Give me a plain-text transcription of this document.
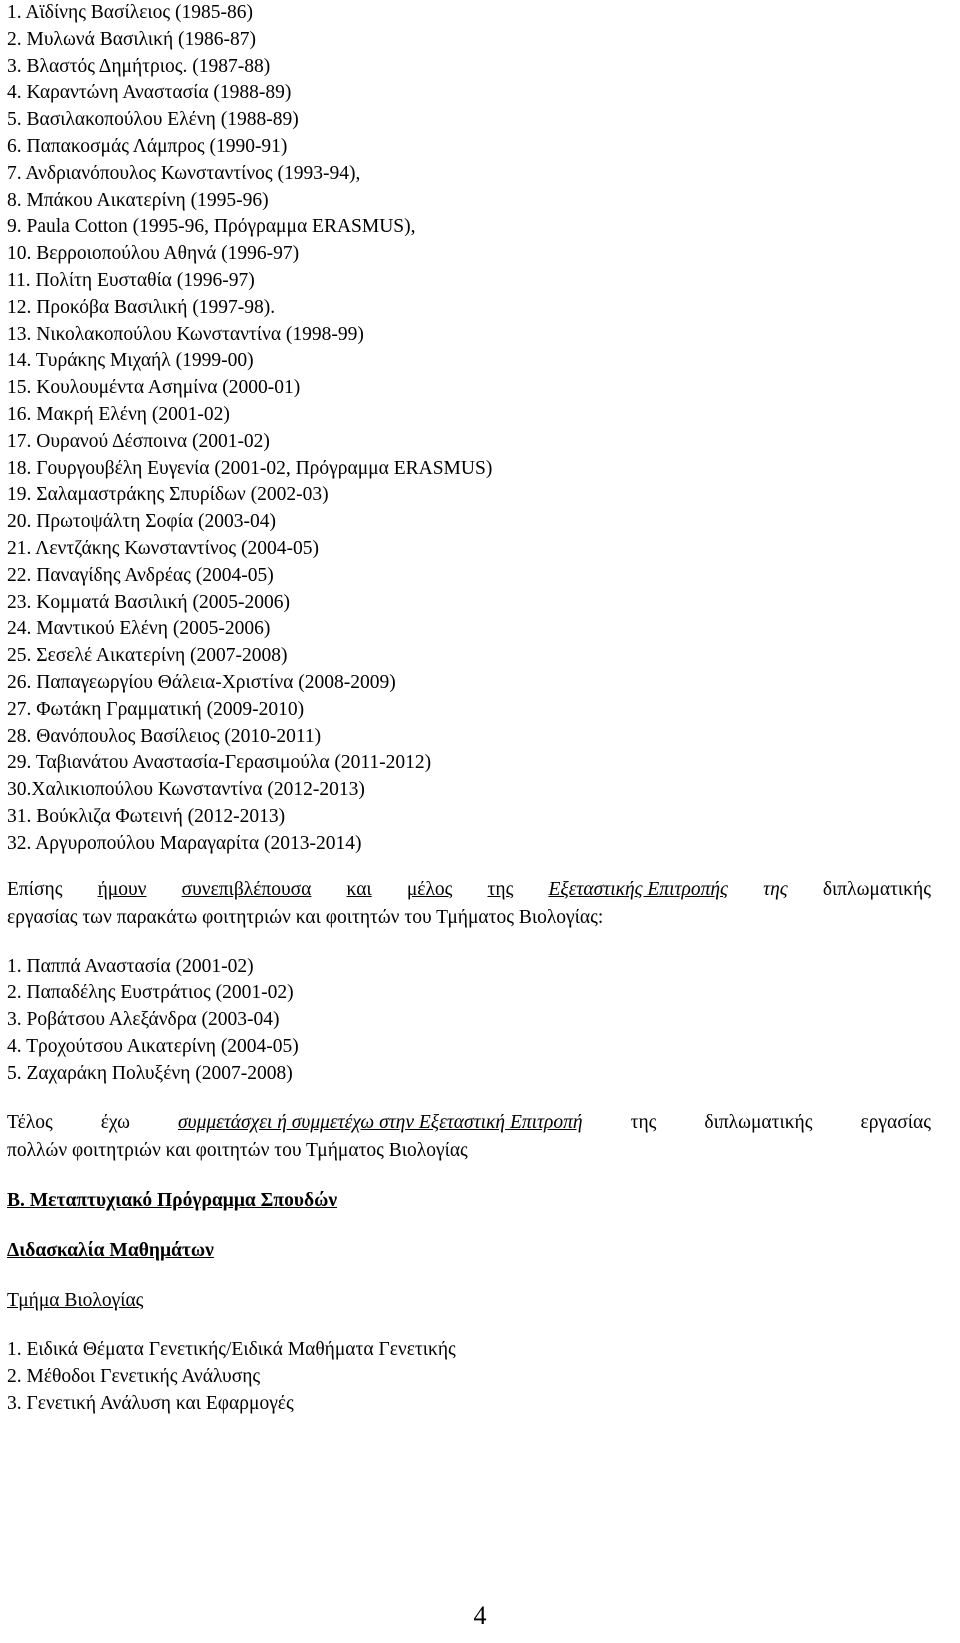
1. Αϊδίνης Βασίλειος (1985-86)
2. Μυλωνά Βασιλική (1986-87)
3. Βλαστός Δημήτριος. (1987-88)
4. Καραντώνη Αναστασία (1988-89)
5. Βασιλακοπούλου Ελένη (1988-89)
6. Παπακοσμάς Λάμπρος (1990-91)
7. Ανδριανόπουλος Κωνσταντίνος (1993-94),
8. Μπάκου Αικατερίνη (1995-96)
9. Paula Cotton (1995-96, Πρόγραμμα ERASMUS),
10. Βερροιοπούλου Αθηνά (1996-97)
11. Πολίτη Ευσταθία (1996-97)
12. Προκόβα Βασιλική (1997-98).
13. Νικολακοπούλου Κωνσταντίνα (1998-99)
14. Τυράκης Μιχαήλ (1999-00)
15. Κουλουμέντα Ασημίνα (2000-01)
16. Μακρή Ελένη (2001-02)
17. Ουρανού Δέσποινα (2001-02)
18. Γουργουβέλη Ευγενία (2001-02, Πρόγραμμα ERASMUS)
19. Σαλαμαστράκης Σπυρίδων (2002-03)
20. Πρωτοψάλτη Σοφία (2003-04)
21. Λεντζάκης Κωνσταντίνος (2004-05)
22. Παναγίδης Ανδρέας (2004-05)
23. Κομματά Βασιλική (2005-2006)
24. Μαντικού Ελένη (2005-2006)
25. Σεσελέ Αικατερίνη (2007-2008)
26. Παπαγεωργίου Θάλεια-Χριστίνα (2008-2009)
27. Φωτάκη Γραμματική (2009-2010)
28. Θανόπουλος Βασίλειος (2010-2011)
29. Ταβιανάτου Αναστασία-Γερασιμούλα (2011-2012)
30.Χαλικιοπούλου Κωνσταντίνα (2012-2013)
31. Βούκλιζα Φωτεινή (2012-2013)
32. Αργυροπούλου Μαραγαρίτα (2013-2014)
Επίσης ήμουν συνεπιβλέπουσα και μέλος της Εξεταστικής Επιτροπής της διπλωματικής
εργασίας των παρακάτω φοιτητριών και φοιτητών του Τμήματος Βιολογίας:
1. Παππά Αναστασία (2001-02)
2. Παπαδέλης Ευστράτιος (2001-02)
3. Ροβάτσου Αλεξάνδρα (2003-04)
4. Τροχούτσου Αικατερίνη (2004-05)
5. Ζαχαράκη Πολυξένη (2007-2008)
Τέλος έχω συμμετάσχει ή συμμετέχω στην Εξεταστική Επιτροπή της διπλωματικής εργασίας
πολλών φοιτητριών και φοιτητών του Τμήματος Βιολογίας
Β. Μεταπτυχιακό Πρόγραμμα Σπουδών
Διδασκαλία Μαθημάτων
Τμήμα Βιολογίας
1. Ειδικά Θέματα Γενετικής/Ειδικά Μαθήματα Γενετικής
2. Μέθοδοι Γενετικής Ανάλυσης
3. Γενετική Ανάλυση και Εφαρμογές
4
